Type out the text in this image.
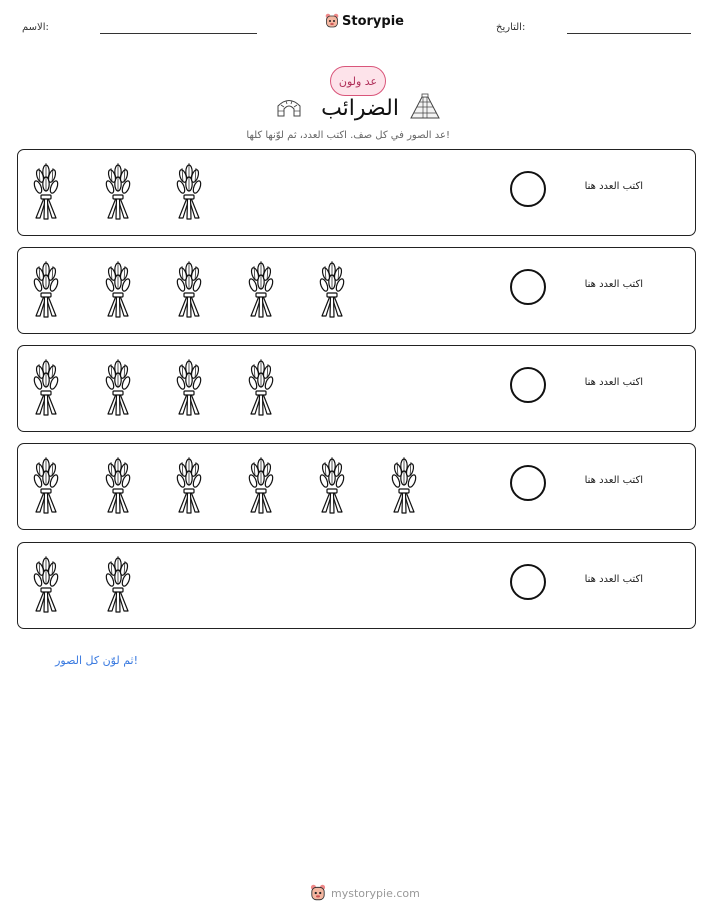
الاسم:	Storypie	التاريخ:
عد ولون
الضرائب
عد الصور في كل صف. اكتب العدد، ثم لوّنها كلها!
اكتب العدد هنا
اكتب العدد هنا
اكتب العدد هنا
اكتب العدد هنا
اكتب العدد هنا
ثم لوّن كل الصور!
mystorypie.com
